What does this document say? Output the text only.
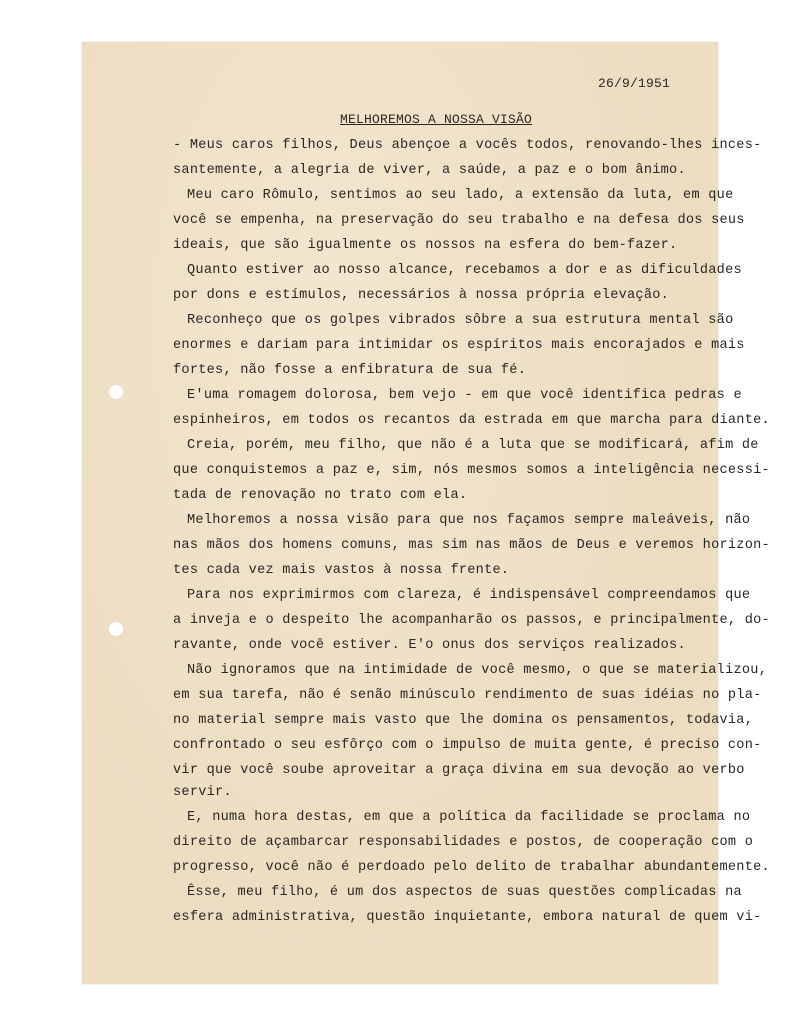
26/9/1951
MELHOREMOS A NOSSA VISÃO
- Meus caros filhos, Deus abençoe a vocês todos, renovando-lhes inces-
santemente, a alegria de viver, a saúde, a paz e o bom ânimo.
Meu caro Rômulo, sentimos ao seu lado, a extensão da luta, em que
você se empenha, na preservação do seu trabalho e na defesa dos seus
ideais, que são igualmente os nossos na esfera do bem-fazer.
Quanto estiver ao nosso alcance, recebamos a dor e as dificuldades
por dons e estímulos, necessários à nossa própria elevação.
Reconheço que os golpes vibrados sôbre a sua estrutura mental são
enormes e dariam para intimidar os espíritos mais encorajados e mais
fortes, não fosse a enfibratura de sua fé.
E'uma romagem dolorosa, bem vejo - em que você identifica pedras e
espinheiros, em todos os recantos da estrada em que marcha para diante.
Creia, porém, meu filho, que não é a luta que se modificará, afim de
que conquistemos a paz e, sim, nós mesmos somos a inteligência necessi-
tada de renovação no trato com ela.
Melhoremos a nossa visão para que nos façamos sempre maleáveis, não
nas mãos dos homens comuns, mas sim nas mãos de Deus e veremos horizon-
tes cada vez mais vastos à nossa frente.
Para nos exprimirmos com clareza, é indispensável compreendamos que
a inveja e o despeito lhe acompanharão os passos, e principalmente, do-
ravante, onde você estiver. E'o onus dos serviços realizados.
Não ignoramos que na intimidade de você mesmo, o que se materializou,
em sua tarefa, não é senão minúsculo rendimento de suas idéias no pla-
no material sempre mais vasto que lhe domina os pensamentos, todavia,
confrontado o seu esfôrço com o impulso de muita gente, é preciso con-
vir que você soube aproveitar a graça divina em sua devoção ao verbo
servir.
E, numa hora destas, em que a política da facilidade se proclama no
direito de açambarcar responsabilidades e postos, de cooperação com o
progresso, você não é perdoado pelo delito de trabalhar abundantemente.
Êsse, meu filho, é um dos aspectos de suas questões complicadas na
esfera administrativa, questão inquietante, embora natural de quem vi-
